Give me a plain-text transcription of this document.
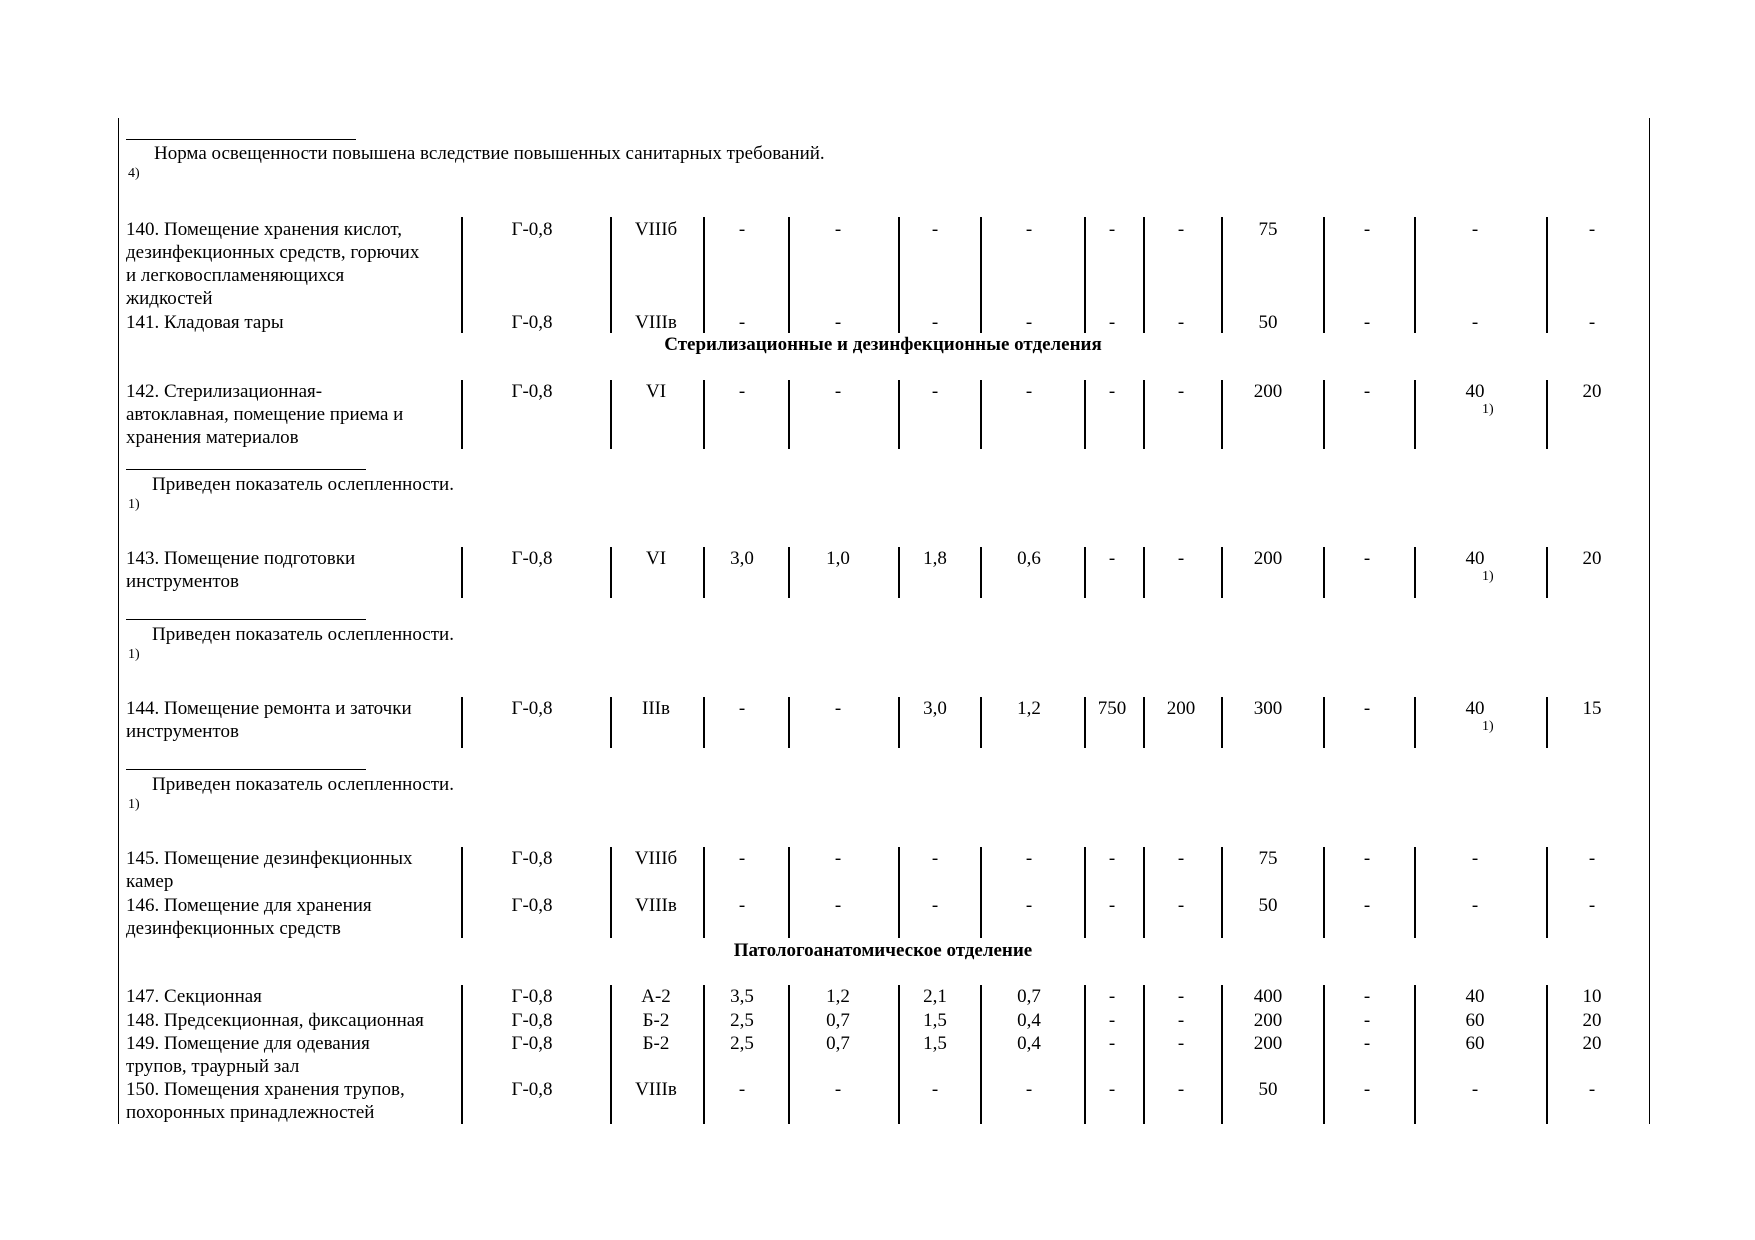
Норма освещенности повышена вследствие повышенных санитарных требований.
4)
Стерилизационные и дезинфекционные отделения
Патологоанатомическое отделение
Приведен показатель ослепленности.
1)
Приведен показатель ослепленности.
1)
Приведен показатель ослепленности.
1)
140. Помещение хранения кислот,
дезинфекционных средств, горючих
и легковоспламеняющихся
жидкостей
Г-0,8	VIIIб	-	-	-	-	-	-	75	-	-	-
141. Кладовая тары	Г-0,8	VIIIв	-	-	-	-	-	-	50	-	-	-
142. Стерилизационная-
автоклавная, помещение приема и
хранения материалов
Г-0,8	VI	-	-	-	-	-	-	200	-	40	20
1)
143. Помещение подготовки
инструментов
Г-0,8	VI	3,0	1,0	1,8	0,6	-	-	200	-	40	20
1)
144. Помещение ремонта и заточки
инструментов
Г-0,8	IIIв	-	-	3,0	1,2	750	200	300	-	40	15
1)
145. Помещение дезинфекционных
камер
Г-0,8	VIIIб	-	-	-	-	-	-	75	-	-	-
146. Помещение для хранения
дезинфекционных средств
Г-0,8	VIIIв	-	-	-	-	-	-	50	-	-	-
147. Секционная	Г-0,8	А-2	3,5	1,2	2,1	0,7	-	-	400	-	40	10
148. Предсекционная, фиксационная	Г-0,8	Б-2	2,5	0,7	1,5	0,4	-	-	200	-	60	20
149. Помещение для одевания
трупов, траурный зал
Г-0,8	Б-2	2,5	0,7	1,5	0,4	-	-	200	-	60	20
150. Помещения хранения трупов,
похоронных принадлежностей
Г-0,8	VIIIв	-	-	-	-	-	-	50	-	-	-
